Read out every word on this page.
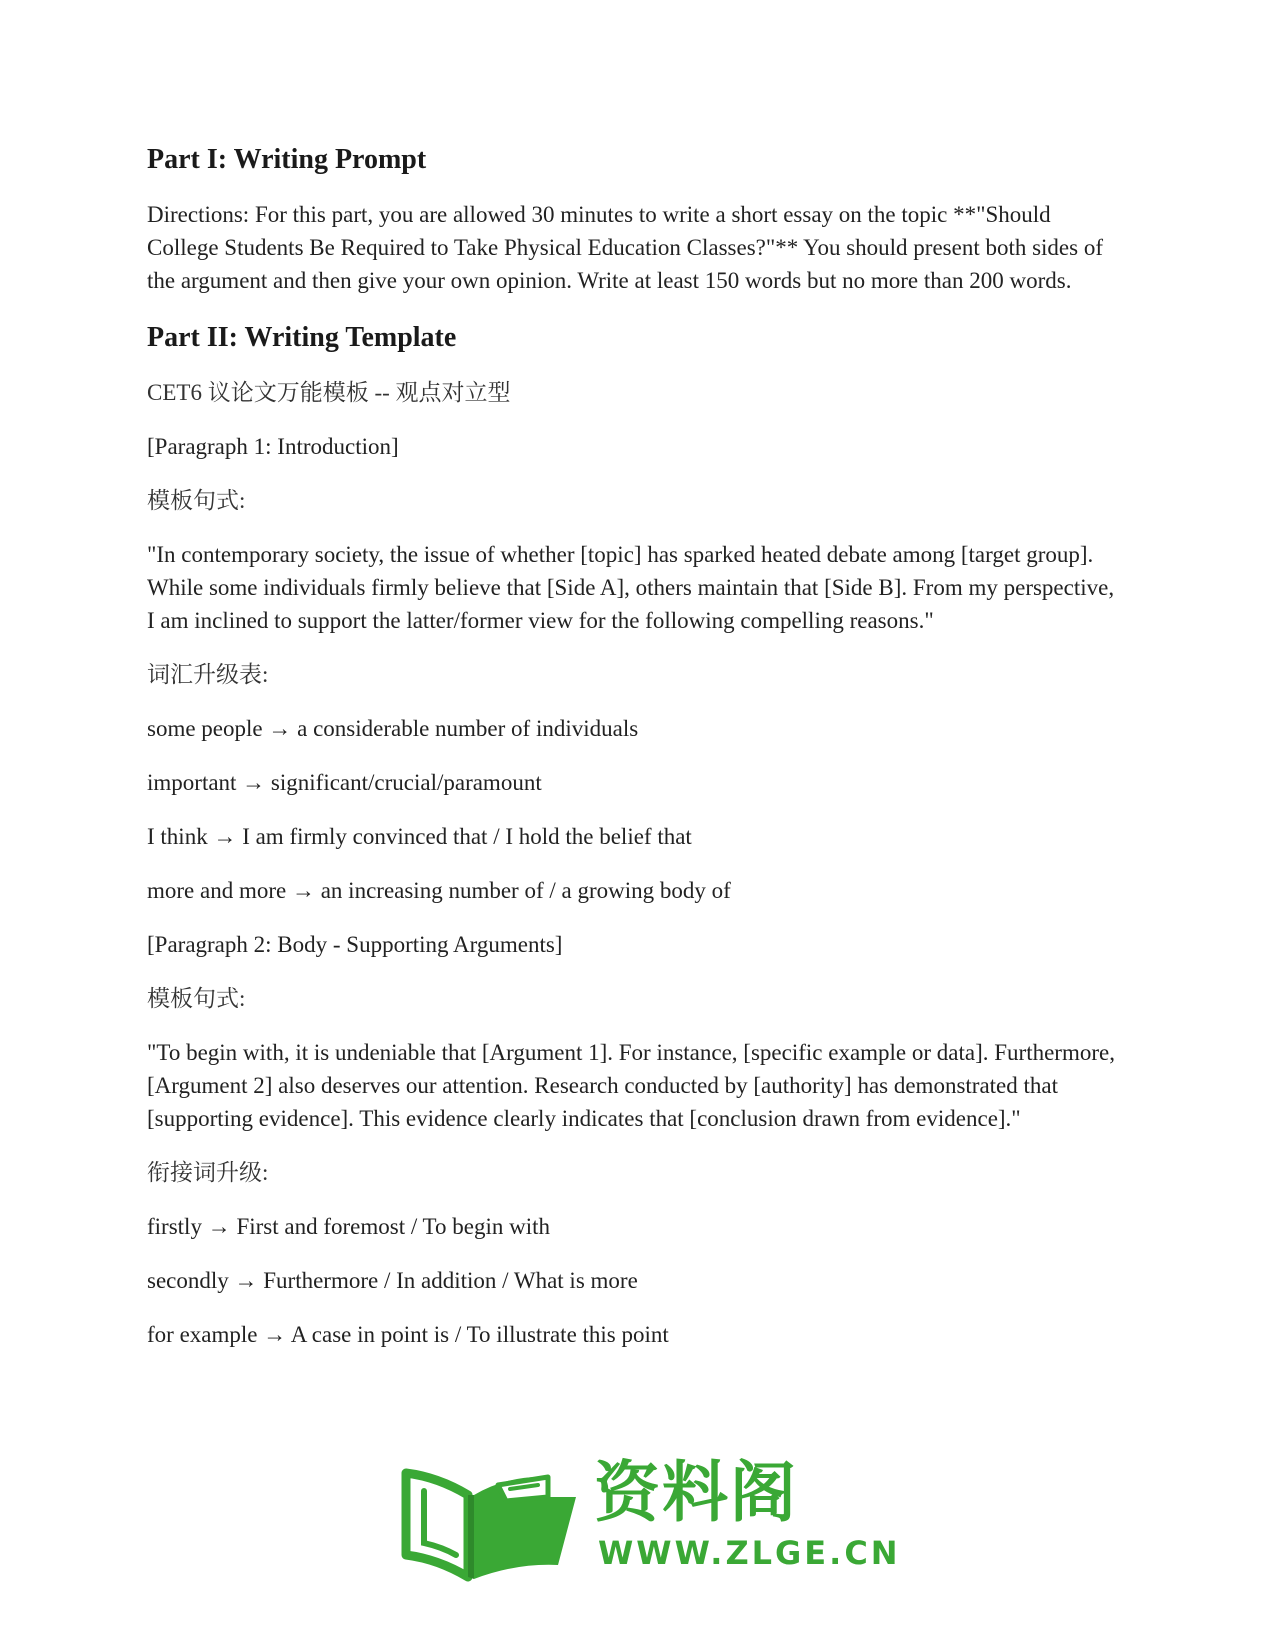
Part I: Writing Prompt

Directions: For this part, you are allowed 30 minutes to write a short essay on the topic **"Should College Students Be Required to Take Physical Education Classes?"** You should present both sides of the argument and then give your own opinion. Write at least 150 words but no more than 200 words.

Part II: Writing Template

CET6 议论文万能模板 -- 观点对立型

[Paragraph 1: Introduction]

模板句式:

"In contemporary society, the issue of whether [topic] has sparked heated debate among [target group]. While some individuals firmly believe that [Side A], others maintain that [Side B]. From my perspective, I am inclined to support the latter/former view for the following compelling reasons."

词汇升级表:

some people → a considerable number of individuals

important → significant/crucial/paramount

I think → I am firmly convinced that / I hold the belief that

more and more → an increasing number of / a growing body of

[Paragraph 2: Body - Supporting Arguments]

模板句式:

"To begin with, it is undeniable that [Argument 1]. For instance, [specific example or data]. Furthermore, [Argument 2] also deserves our attention. Research conducted by [authority] has demonstrated that [supporting evidence]. This evidence clearly indicates that [conclusion drawn from evidence]."

衔接词升级:

firstly → First and foremost / To begin with

secondly → Furthermore / In addition / What is more

for example → A case in point is / To illustrate this point

资料阁
WWW.ZLGE.CN
